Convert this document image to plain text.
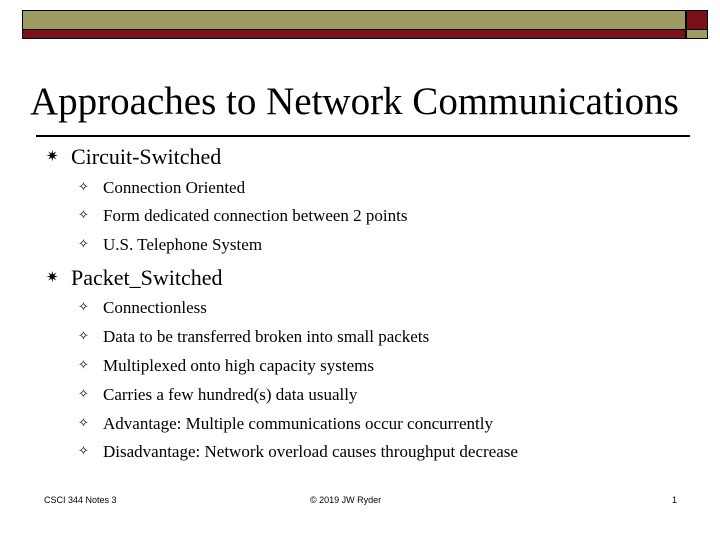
Approaches to Network Communications
✷ Circuit-Switched
✧ Connection Oriented
✧ Form dedicated connection between 2 points
✧ U.S. Telephone System
✷ Packet_Switched
✧ Connectionless
✧ Data to be transferred broken into small packets
✧ Multiplexed onto high capacity systems
✧ Carries a few hundred(s) data usually
✧ Advantage: Multiple communications occur concurrently
✧ Disadvantage: Network overload causes throughput decrease
CSCI 344 Notes 3	© 2019 JW Ryder	1
